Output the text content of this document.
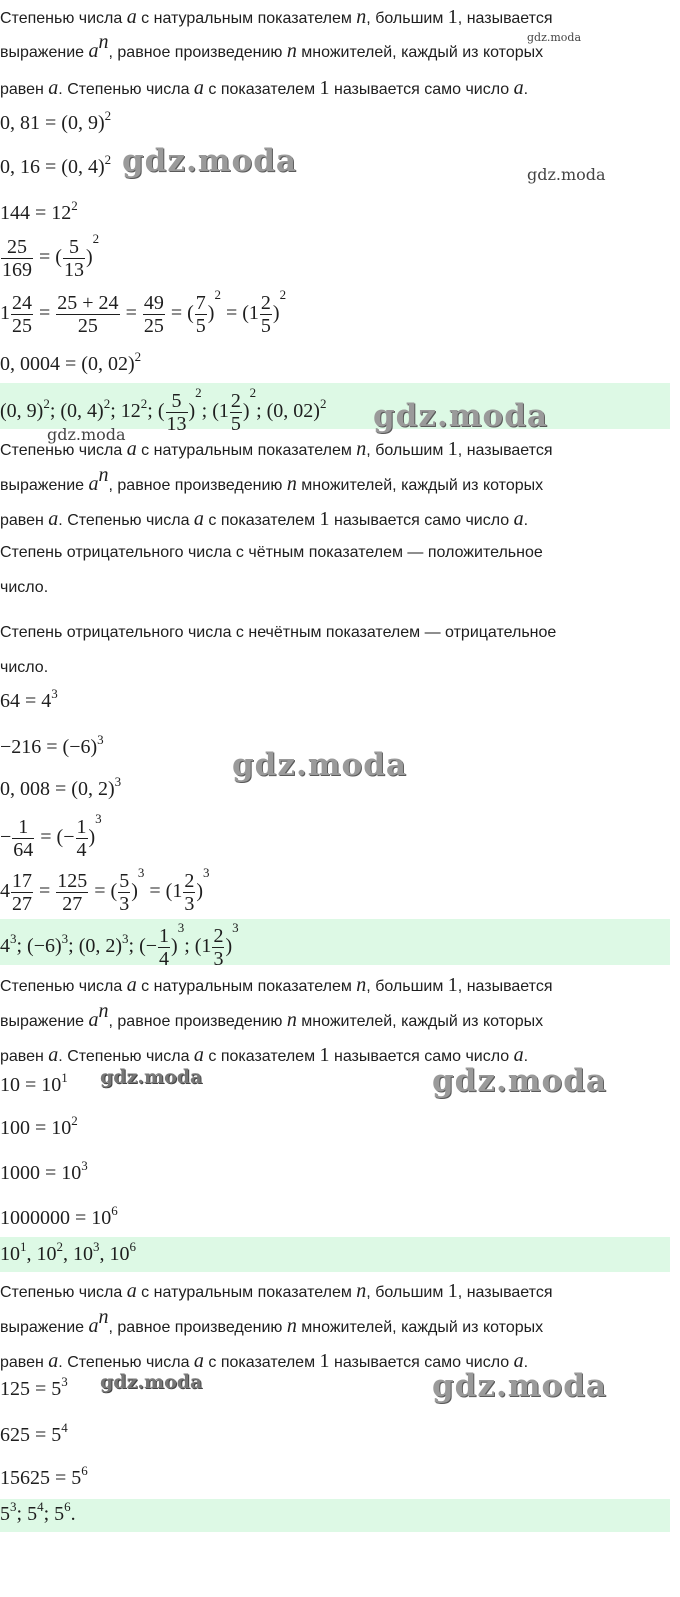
Степенью числа a с натуральным показателем n, большим 1, называется
выражение $a^n$, равное произведению n множителей, каждый из которых
равен a. Степенью числа a с показателем 1 называется само число a.
0, 81 = (0, 9)$^2$
0, 16 = (0, 4)$^2$
$144 = 12^2$
$\frac{25}{169}$ = ( $\frac{5}{13} )^2$
$1 \frac{24}{25} = \frac{25 + 24}{25} = \frac{49}{25}$ = ( $\frac{7}{5} )^2 = (1 \frac{2}{5} )^2$
0, 0004 = (0, 02)$^2$
(0, 9)$^2$; (0, 4)$^2$; $12^2$; ( $\frac{5}{13} )^2$; $(1 \frac{2}{5} )^2$; (0, 02)$^2$
Степенью числа a с натуральным показателем n, большим 1, называется
выражение $a^n$, равное произведению n множителей, каждый из которых
равен a. Степенью числа a с показателем 1 называется само число a.
Степень отрицательного числа с чётным показателем — положительное
число.
Степень отрицательного числа с нечётным показателем — отрицательное
число.
$64 = 4^3$
$-216 = (-6)^3$
0, 008 = (0, 2)$^3$
− $\frac{1}{64}$ = (− $\frac{1}{4} )^3$
$4 \frac{17}{27} = \frac{125}{27}$ = ( $\frac{5}{3} )^3 = (1 \frac{2}{3} )^3$
$4^3$; $(-6)^3$; (0, 2)$^3$; (− $\frac{1}{4} )^3$; $(1 \frac{2}{3} )^3$
Степенью числа a с натуральным показателем n, большим 1, называется
выражение $a^n$, равное произведению n множителей, каждый из которых
равен a. Степенью числа a с показателем 1 называется само число a.
$10 = 10^1$
$100 = 10^2$
$1000 = 10^3$
$1000000 = 10^6$
$10^1$, $10^2$, $10^3$, $10^6$
Степенью числа a с натуральным показателем n, большим 1, называется
выражение $a^n$, равное произведению n множителей, каждый из которых
равен a. Степенью числа a с показателем 1 называется само число a.
$125 = 5^3$
$625 = 5^4$
$15625 = 5^6$
$5^3$; $5^4$; $5^6$.
gdz.moda	gdz.moda
gdz.moda
gdz.moda
gdz.moda
gdz.moda
gdz.moda	gdz.moda
gdz.moda	gdz.moda
